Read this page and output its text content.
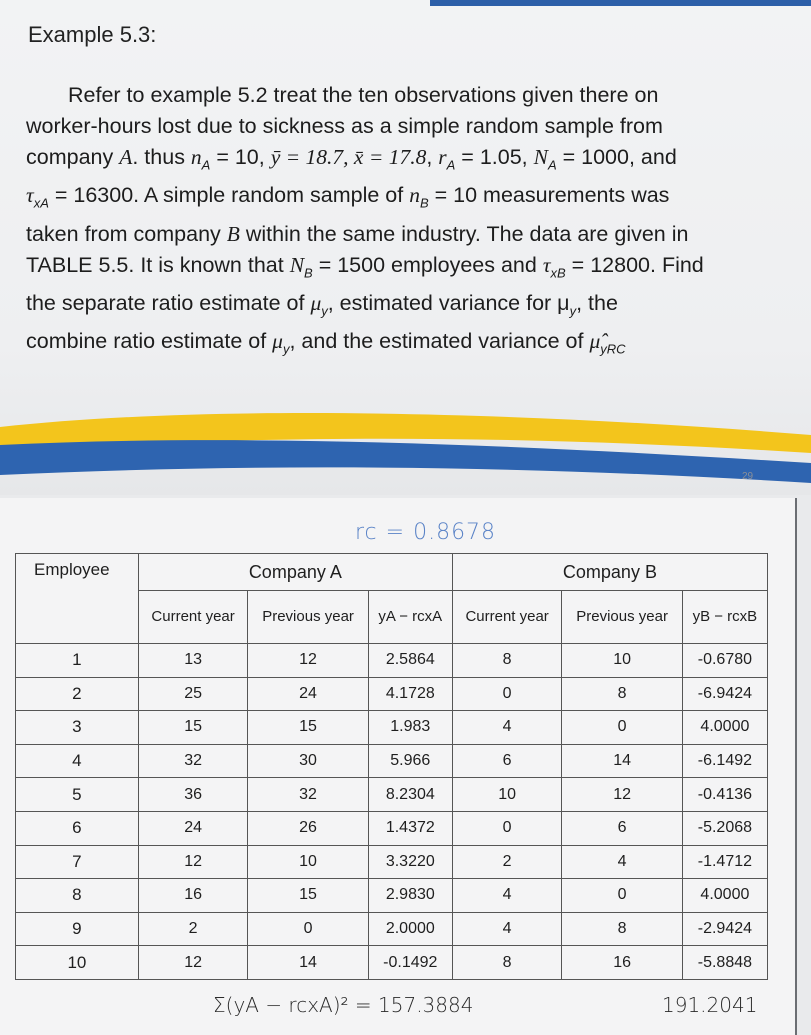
Example 5.3:
Refer to example 5.2 treat the ten observations given there on
worker-hours lost due to sickness as a simple random sample from
company A. thus $n_A = 10$, ȳ = 18.7, x̄ = 17.8, $r_A = 1.05$, $N_A = 1000$, and
$\tau_{xA} = 16300$. A simple random sample of $n_B = 10$ measurements was
taken from company B within the same industry. The data are given in
TABLE 5.5. It is known that $N_B = 1500$ employees and $\tau_{xB} = 12800$. Find
the separate ratio estimate of $\mu_y$, estimated variance for $\mu_y$, the
combine ratio estimate of $\mu_y$, and the estimated variance of $\mû_{yRC}$
29
rc = 0.8678
Employee	Company A			Company B		
	Current year	Previous year	yA − rcxA	Current year	Previous year	yB − rcxB
1	13	12	2.5864	8	10	-0.6780
2	25	24	4.1728	0	8	-6.9424
3	15	15	1.983	4	0	4.0000
4	32	30	5.966	6	14	-6.1492
5	36	32	8.2304	10	12	-0.4136
6	24	26	1.4372	0	6	-5.2068
7	12	10	3.3220	2	4	-1.4712
8	16	15	2.9830	4	0	4.0000
9	2	0	2.0000	4	8	-2.9424
10	12	14	-0.1492	8	16	-5.8848
Σ(yA − rcxA)² = 157.3884	191.2041
